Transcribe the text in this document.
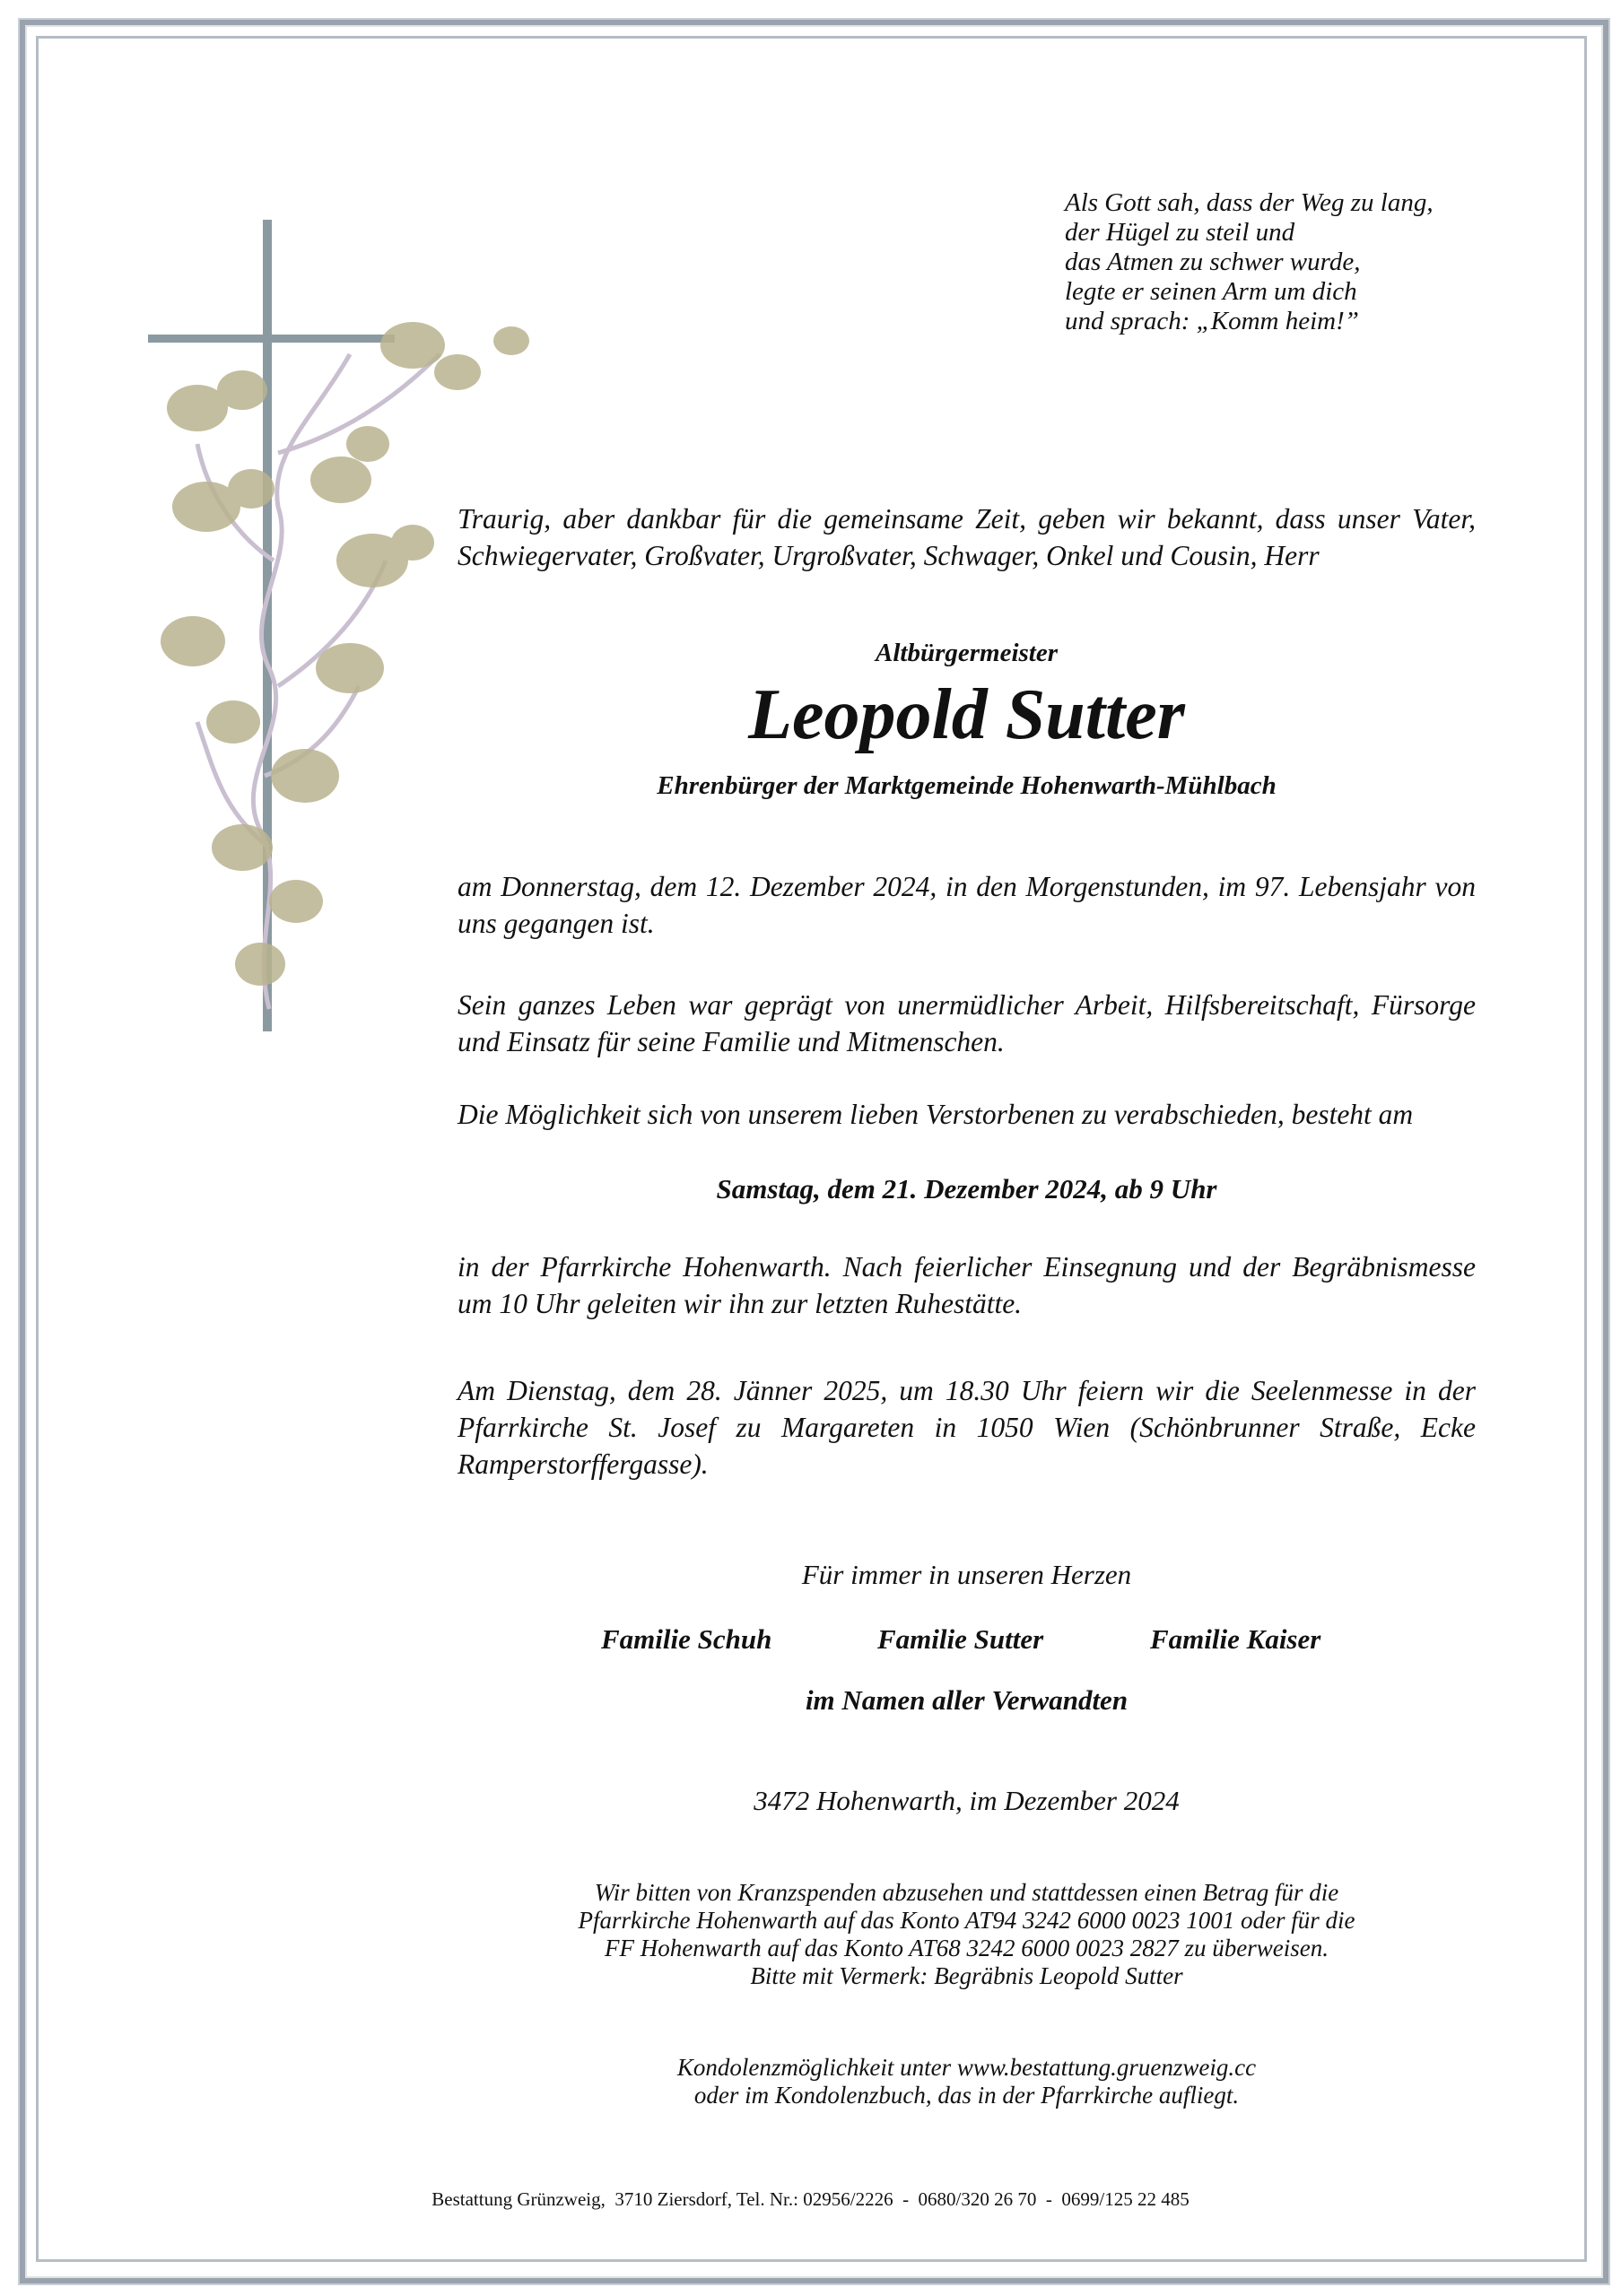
Als Gott sah, dass der Weg zu lang,
der Hügel zu steil und
das Atmen zu schwer wurde,
legte er seinen Arm um dich
und sprach: „Komm heim!”
Traurig, aber dankbar für die gemeinsame Zeit, geben wir bekannt, dass unser Vater, Schwiegervater, Großvater, Urgroßvater, Schwager, Onkel und Cousin, Herr
Altbürgermeister
Leopold Sutter
Ehrenbürger der Marktgemeinde Hohenwarth-Mühlbach
am Donnerstag, dem 12. Dezember 2024, in den Morgenstunden, im 97. Lebensjahr von uns gegangen ist.
Sein ganzes Leben war geprägt von unermüdlicher Arbeit, Hilfsbereitschaft, Fürsorge und Einsatz für seine Familie und Mitmenschen.
Die Möglichkeit sich von unserem lieben Verstorbenen zu verabschieden, besteht am
Samstag, dem 21. Dezember 2024, ab 9 Uhr
in der Pfarrkirche Hohenwarth. Nach feierlicher Einsegnung und der Begräbnismesse um 10 Uhr geleiten wir ihn zur letzten Ruhestätte.
Am Dienstag, dem 28. Jänner 2025, um 18.30 Uhr feiern wir die Seelenmesse in der Pfarrkirche St. Josef zu Margareten in 1050 Wien (Schönbrunner Straße, Ecke Ramperstorffergasse).
Für immer in unseren Herzen
Familie Schuh	Familie Sutter	Familie Kaiser
im Namen aller Verwandten
3472 Hohenwarth, im Dezember 2024
Wir bitten von Kranzspenden abzusehen und stattdessen einen Betrag für die
Pfarrkirche Hohenwarth auf das Konto AT94 3242 6000 0023 1001 oder für die
FF Hohenwarth auf das Konto AT68 3242 6000 0023 2827 zu überweisen.
Bitte mit Vermerk: Begräbnis Leopold Sutter
Kondolenzmöglichkeit unter www.bestattung.gruenzweig.cc
oder im Kondolenzbuch, das in der Pfarrkirche aufliegt.
Bestattung Grünzweig,  3710 Ziersdorf, Tel. Nr.: 02956/2226  -  0680/320 26 70  -  0699/125 22 485
